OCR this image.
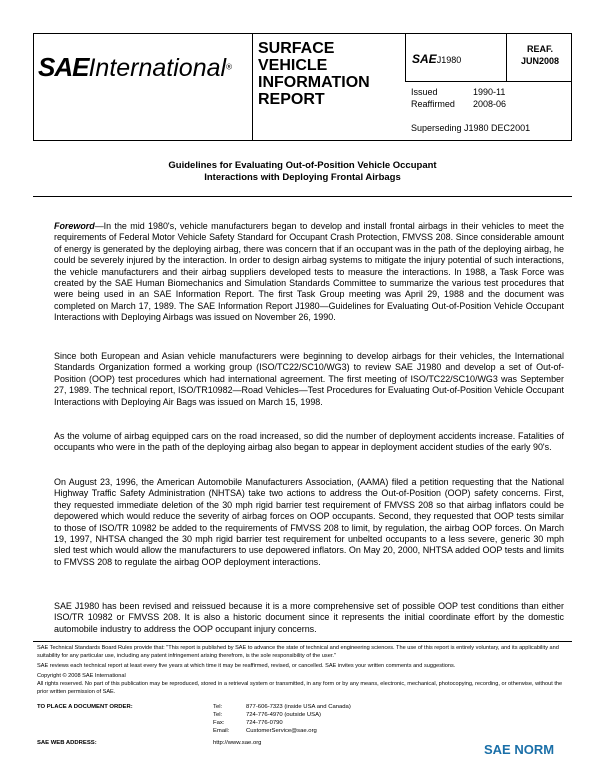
SAEInternational®
SURFACE
VEHICLE
INFORMATION
REPORT
SAEJ1980
REAF.
JUN2008
Issued	1990-11
Reaffirmed 2008-06
Superseding J1980 DEC2001
Guidelines for Evaluating Out-of-Position Vehicle Occupant
Interactions with Deploying Frontal Airbags
Foreword—In the mid 1980's, vehicle manufacturers began to develop and install frontal airbags in their vehicles to meet the requirements of Federal Motor Vehicle Safety Standard for Occupant Crash Protection, FMVSS 208. Since considerable amount of energy is generated by the deploying airbag, there was concern that if an occupant was in the path of the deploying airbag, he could be severely injured by the interaction. In order to design airbag systems to mitigate the injury potential of such interactions, the vehicle manufacturers and their airbag suppliers developed tests to measure the interactions. In 1988, a Task Force was created by the SAE Human Biomechanics and Simulation Standards Committee to summarize the various test procedures that were being used in an SAE Information Report. The first Task Group meeting was April 29, 1988 and the document was completed on March 17, 1989. The SAE Information Report J1980—Guidelines for Evaluating Out-of-Position Vehicle Occupant Interactions with Deploying Airbags was issued on November 26, 1990.
Since both European and Asian vehicle manufacturers were beginning to develop airbags for their vehicles, the International Standards Organization formed a working group (ISO/TC22/SC10/WG3) to review SAE J1980 and develop a set of Out-of-Position (OOP) test procedures which had international agreement. The first meeting of ISO/TC22/SC10/WG3 was September 27, 1989. The technical report, ISO/TR10982—Road Vehicles—Test Procedures for Evaluating Out-of-Position Vehicle Occupant Interactions with Deploying Air Bags was issued on March 15, 1998.
As the volume of airbag equipped cars on the road increased, so did the number of deployment accidents increase. Fatalities of occupants who were in the path of the deploying airbag also began to appear in deployment accident studies of the early 90's.
On August 23, 1996, the American Automobile Manufacturers Association, (AAMA) filed a petition requesting that the National Highway Traffic Safety Administration (NHTSA) take two actions to address the Out-of-Position (OOP) safety concerns. First, they requested immediate deletion of the 30 mph rigid barrier test requirement of FMVSS 208 so that airbag inflators could be depowered which would reduce the severity of airbag forces on OOP occupants. Second, they requested that OOP tests similar to those of ISO/TR 10982 be added to the requirements of FMVSS 208 to limit, by regulation, the airbag OOP forces. On March 19, 1997, NHTSA changed the 30 mph rigid barrier test requirement for unbelted occupants to a less severe, generic 30 mph sled test which would allow the manufacturers to use depowered inflators. On May 20, 2000, NHTSA added OOP tests and limits to FMVSS 208 to regulate the airbag OOP deployment interactions.
SAE J1980 has been revised and reissued because it is a more comprehensive set of possible OOP test conditions than either ISO/TR 10982 or FMVSS 208. It is also a historic document since it represents the initial coordinate effort by the domestic automobile industry to address the OOP occupant injury concerns.
SAE Technical Standards Board Rules provide that: "This report is published by SAE to advance the state of technical and engineering sciences. The use of this report is entirely voluntary, and its applicability and suitability for any particular use, including any patent infringement arising therefrom, is the sole responsibility of the user."
SAE reviews each technical report at least every five years at which time it may be reaffirmed, revised, or cancelled. SAE invites your written comments and suggestions.
Copyright © 2008 SAE International
All rights reserved. No part of this publication may be reproduced, stored in a retrieval system or transmitted, in any form or by any means, electronic, mechanical, photocopying, recording, or otherwise, without the prior written permission of SAE.
TO PLACE A DOCUMENT ORDER:	Tel:	877-606-7323 (inside USA and Canada)
Tel:	724-776-4970 (outside USA)
Fax:	724-776-0790
Email:	CustomerService@sae.org
SAE WEB ADDRESS:	http://www.sae.org	SAE NORM
